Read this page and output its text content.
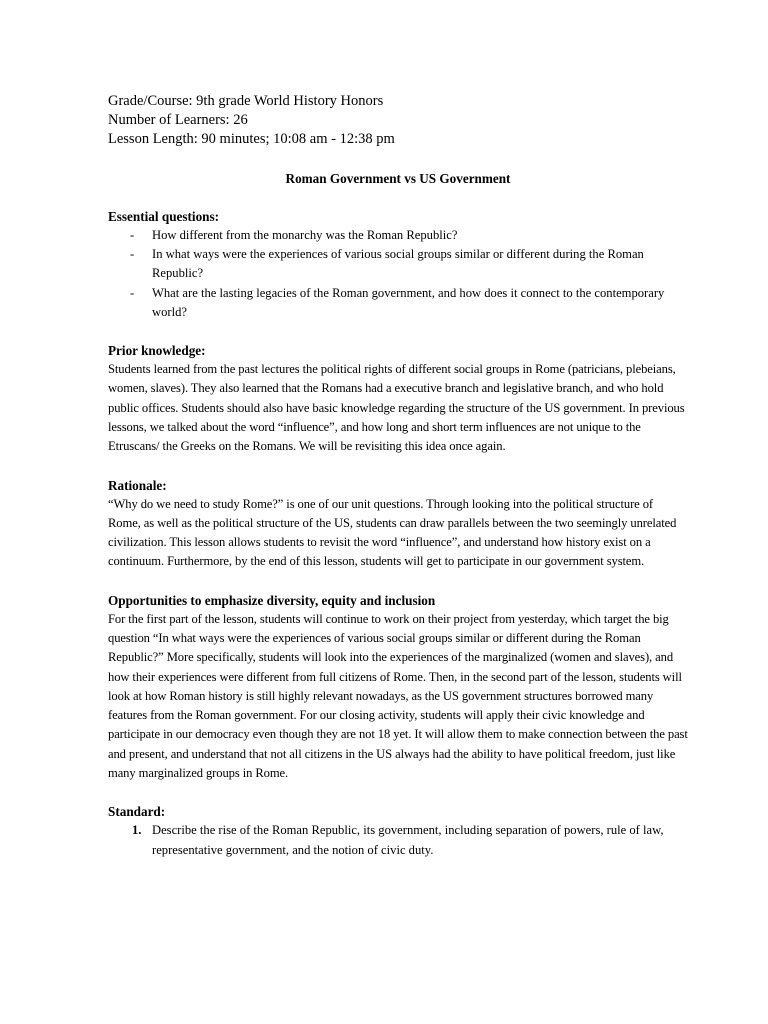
Grade/Course: 9th grade World History Honors
Number of Learners: 26
Lesson Length: 90 minutes; 10:08 am - 12:38 pm
Roman Government vs US Government
Essential questions:
- How different from the monarchy was the Roman Republic?
- In what ways were the experiences of various social groups similar or different during the Roman Republic?
- What are the lasting legacies of the Roman government, and how does it connect to the contemporary world?
Prior knowledge:
Students learned from the past lectures the political rights of different social groups in Rome (patricians, plebeians, women, slaves). They also learned that the Romans had a executive branch and legislative branch, and who hold public offices. Students should also have basic knowledge regarding the structure of the US government. In previous lessons, we talked about the word “influence”, and how long and short term influences are not unique to the Etruscans/ the Greeks on the Romans. We will be revisiting this idea once again.
Rationale:
“Why do we need to study Rome?” is one of our unit questions. Through looking into the political structure of Rome, as well as the political structure of the US, students can draw parallels between the two seemingly unrelated civilization. This lesson allows students to revisit the word “influence”, and understand how history exist on a continuum. Furthermore, by the end of this lesson, students will get to participate in our government system.
Opportunities to emphasize diversity, equity and inclusion
For the first part of the lesson, students will continue to work on their project from yesterday, which target the big question “In what ways were the experiences of various social groups similar or different during the Roman Republic?” More specifically, students will look into the experiences of the marginalized (women and slaves), and how their experiences were different from full citizens of Rome. Then, in the second part of the lesson, students will look at how Roman history is still highly relevant nowadays, as the US government structures borrowed many features from the Roman government. For our closing activity, students will apply their civic knowledge and participate in our democracy even though they are not 18 yet. It will allow them to make connection between the past and present, and understand that not all citizens in the US always had the ability to have political freedom, just like many marginalized groups in Rome.
Standard:
1. Describe the rise of the Roman Republic, its government, including separation of powers, rule of law, representative government, and the notion of civic duty.
